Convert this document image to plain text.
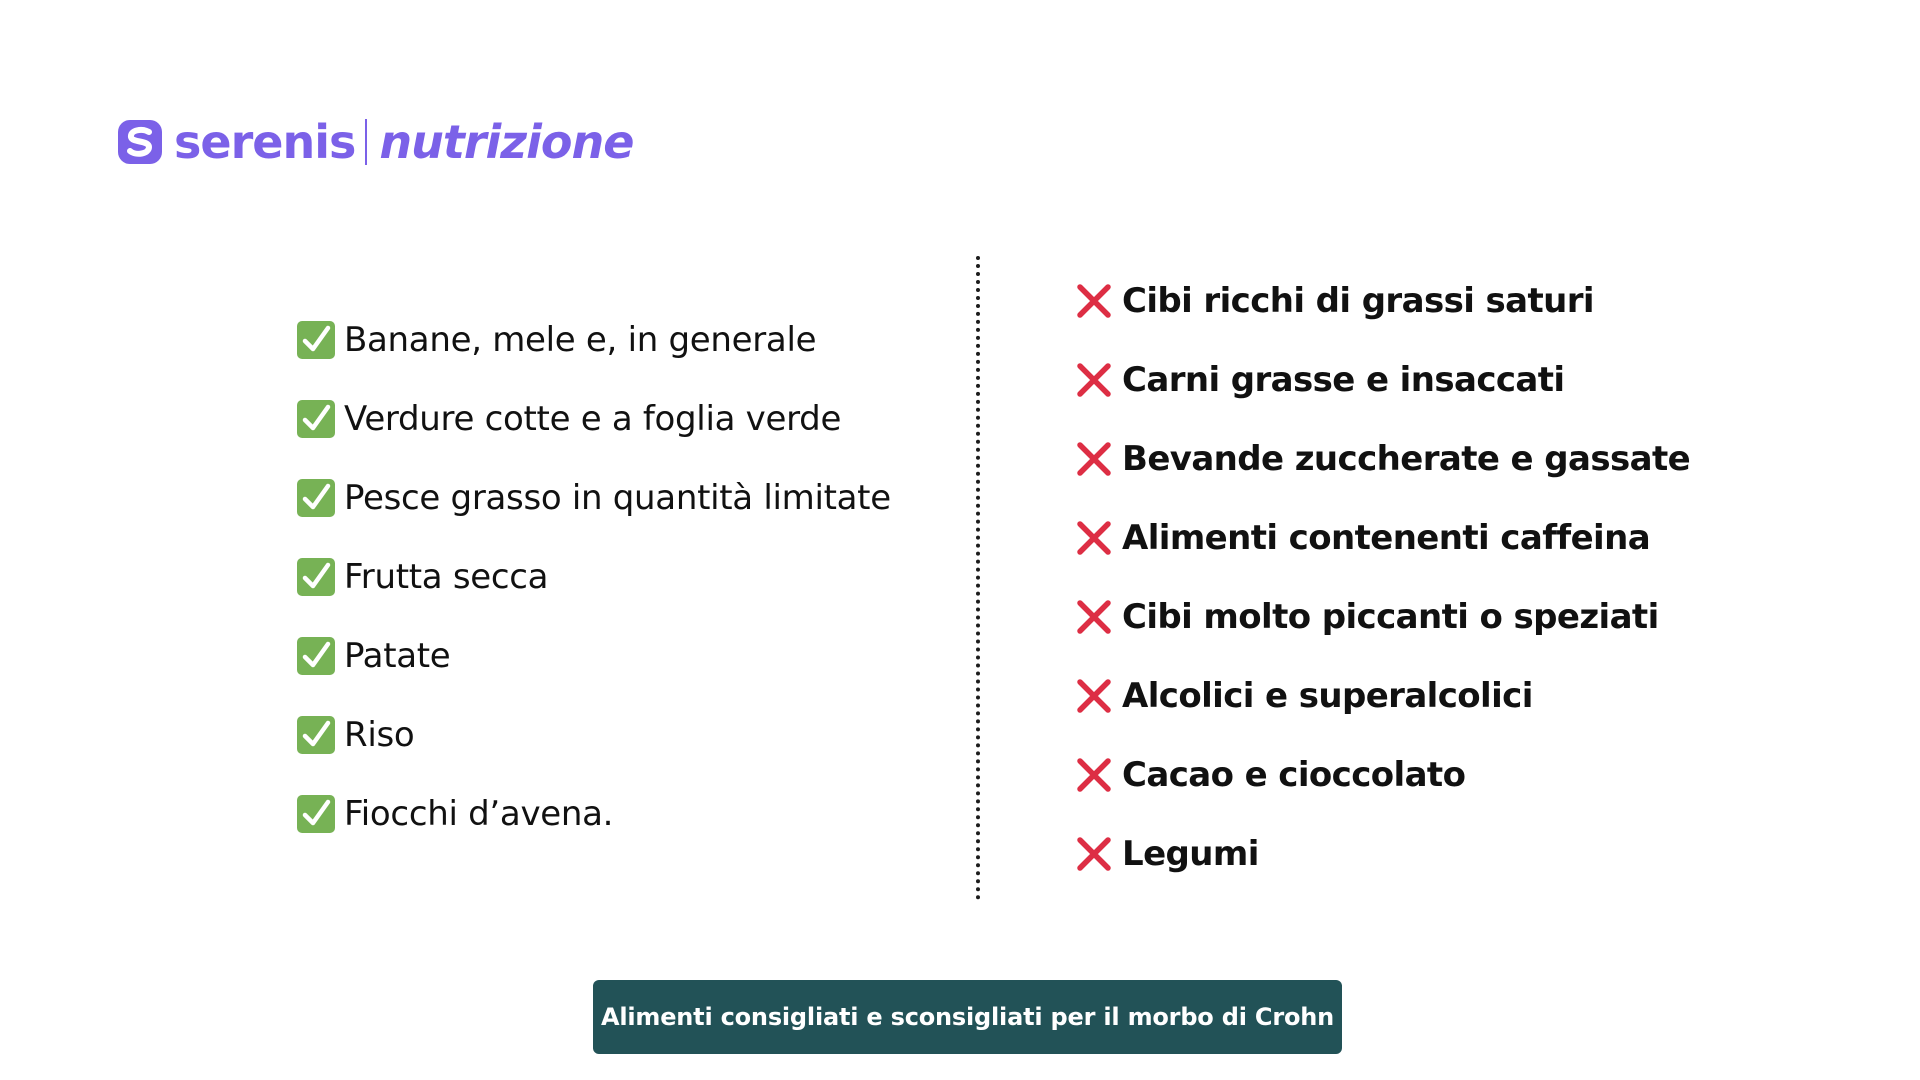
serenis nutrizione
Banane, mele e, in generale
Verdure cotte e a foglia verde
Pesce grasso in quantità limitate
Frutta secca
Patate
Riso
Fiocchi d’avena.
Cibi ricchi di grassi saturi
Carni grasse e insaccati
Bevande zuccherate e gassate
Alimenti contenenti caffeina
Cibi molto piccanti o speziati
Alcolici e superalcolici
Cacao e cioccolato
Legumi
Alimenti consigliati e sconsigliati per il morbo di Crohn
